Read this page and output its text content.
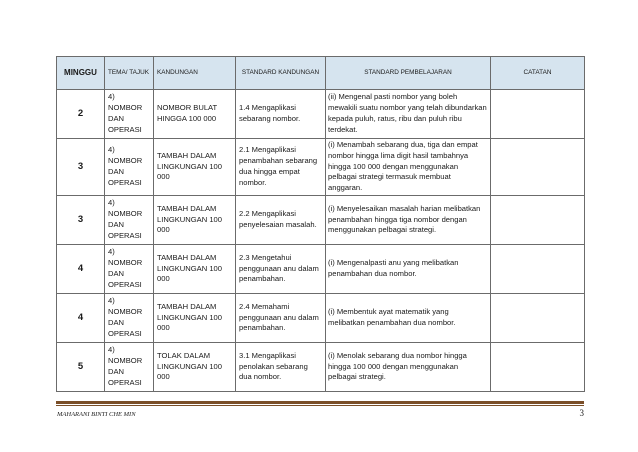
MINGGU	TEMA/ TAJUK	KANDUNGAN	STANDARD KANDUNGAN	STANDARD PEMBELAJARAN	CATATAN
2	4) NOMBOR DAN OPERASI	NOMBOR BULAT HINGGA 100 000	1.4 Mengaplikasi sebarang nombor.	(ii) Mengenal pasti nombor yang boleh mewakili suatu nombor yang telah dibundarkan kepada puluh, ratus, ribu dan puluh ribu terdekat.	
3	4) NOMBOR DAN OPERASI	TAMBAH DALAM LINGKUNGAN 100 000	2.1 Mengaplikasi penambahan sebarang dua hingga empat nombor.	(i) Menambah sebarang dua, tiga dan empat nombor hingga lima digit hasil tambahnya hingga 100 000 dengan menggunakan pelbagai strategi termasuk membuat anggaran.	
3	4) NOMBOR DAN OPERASI	TAMBAH DALAM LINGKUNGAN 100 000	2.2 Mengaplikasi penyelesaian masalah.	(i) Menyelesaikan masalah harian melibatkan penambahan hingga tiga nombor dengan menggunakan pelbagai strategi.	
4	4) NOMBOR DAN OPERASI	TAMBAH DALAM LINGKUNGAN 100 000	2.3 Mengetahui penggunaan anu dalam penambahan.	(i) Mengenalpasti anu yang melibatkan penambahan dua nombor.	
4	4) NOMBOR DAN OPERASI	TAMBAH DALAM LINGKUNGAN 100 000	2.4 Memahami penggunaan anu dalam penambahan.	(i) Membentuk ayat matematik yang melibatkan penambahan dua nombor.	
5	4) NOMBOR DAN OPERASI	TOLAK DALAM LINGKUNGAN 100 000	3.1 Mengaplikasi penolakan sebarang dua nombor.	(i) Menolak sebarang dua nombor hingga hingga 100 000 dengan menggunakan pelbagai strategi.	
MAHARANI BINTI CHE MIN	3
